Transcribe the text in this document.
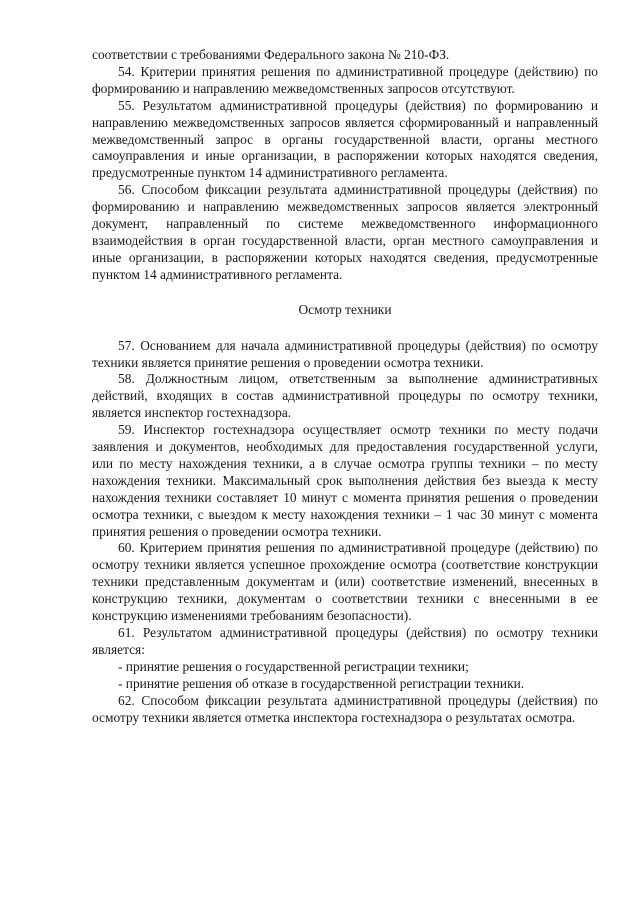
соответствии с требованиями Федерального закона № 210-ФЗ.

54. Критерии принятия решения по административной процедуре (действию) по формированию и направлению межведомственных запросов отсутствуют.

55. Результатом административной процедуры (действия) по формированию и направлению межведомственных запросов является сформированный и направленный межведомственный запрос в органы государственной власти, органы местного самоуправления и иные организации, в распоряжении которых находятся сведения, предусмотренные пунктом 14 административного регламента.

56. Способом фиксации результата административной процедуры (действия) по формированию и направлению межведомственных запросов является электронный документ, направленный по системе межведомственного информационного взаимодействия в орган государственной власти, орган местного самоуправления и иные организации, в распоряжении которых находятся сведения, предусмотренные пунктом 14 административного регламента.

Осмотр техники

57. Основанием для начала административной процедуры (действия) по осмотру техники является принятие решения о проведении осмотра техники.

58. Должностным лицом, ответственным за выполнение административных действий, входящих в состав административной процедуры по осмотру техники, является инспектор гостехнадзора.

59. Инспектор гостехнадзора осуществляет осмотр техники по месту подачи заявления и документов, необходимых для предоставления государственной услуги, или по месту нахождения техники, а в случае осмотра группы техники – по месту нахождения техники. Максимальный срок выполнения действия без выезда к месту нахождения техники составляет 10 минут с момента принятия решения о проведении осмотра техники, с выездом к месту нахождения техники – 1 час 30 минут с момента принятия решения о проведении осмотра техники.

60. Критерием принятия решения по административной процедуре (действию) по осмотру техники является успешное прохождение осмотра (соответствие конструкции техники представленным документам и (или) соответствие изменений, внесенных в конструкцию техники, документам о соответствии техники с внесенными в ее конструкцию изменениями требованиям безопасности).

61. Результатом административной процедуры (действия) по осмотру техники является:

- принятие решения о государственной регистрации техники;

- принятие решения об отказе в государственной регистрации техники.

62. Способом фиксации результата административной процедуры (действия) по осмотру техники является отметка инспектора гостехнадзора о результатах осмотра.
